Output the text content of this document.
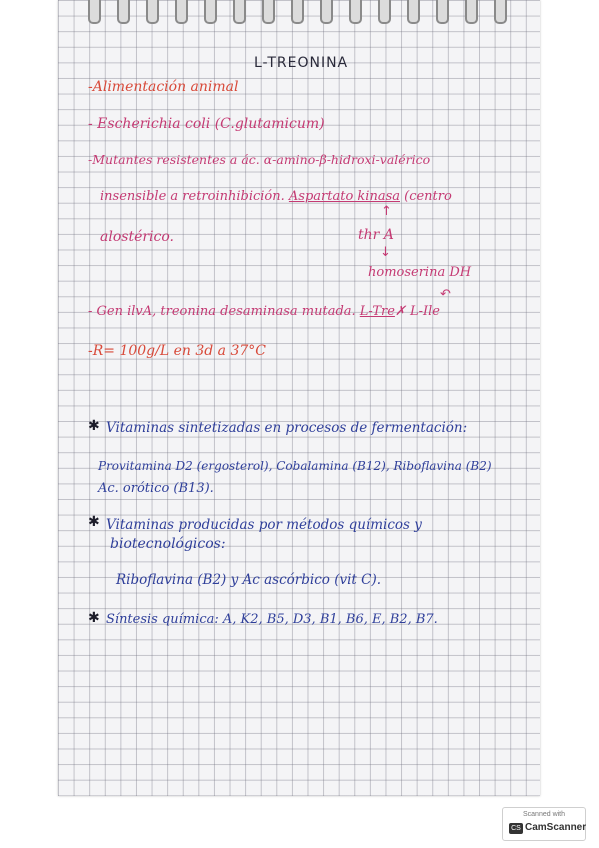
L-TREONINA
-Alimentación animal
- Escherichia coli (C.glutamicum)
-Mutantes resistentes a ác. α-amino-β-hidroxi-valérico
insensible a retroinhibición. Aspartato kinasa (centro
↑
alostérico.	thr A
↓
homoserina DH
↶
- Gen ilvA, treonina desaminasa mutada. L-Tre✗ L-Ile
-R= 100g/L en 3d a 37°C
✱ Vitaminas sintetizadas en procesos de fermentación:
Provitamina D2 (ergosterol), Cobalamina (B12), Riboflavina (B2)
Ac. orótico (B13).
✱ Vitaminas producidas por métodos químicos y
biotecnológicos:
Riboflavina (B2) y Ac ascórbico (vit C).
✱ Síntesis química: A, K2, B5, D3, B1, B6, E, B2, B7.
Scanned with
CS CamScanner
